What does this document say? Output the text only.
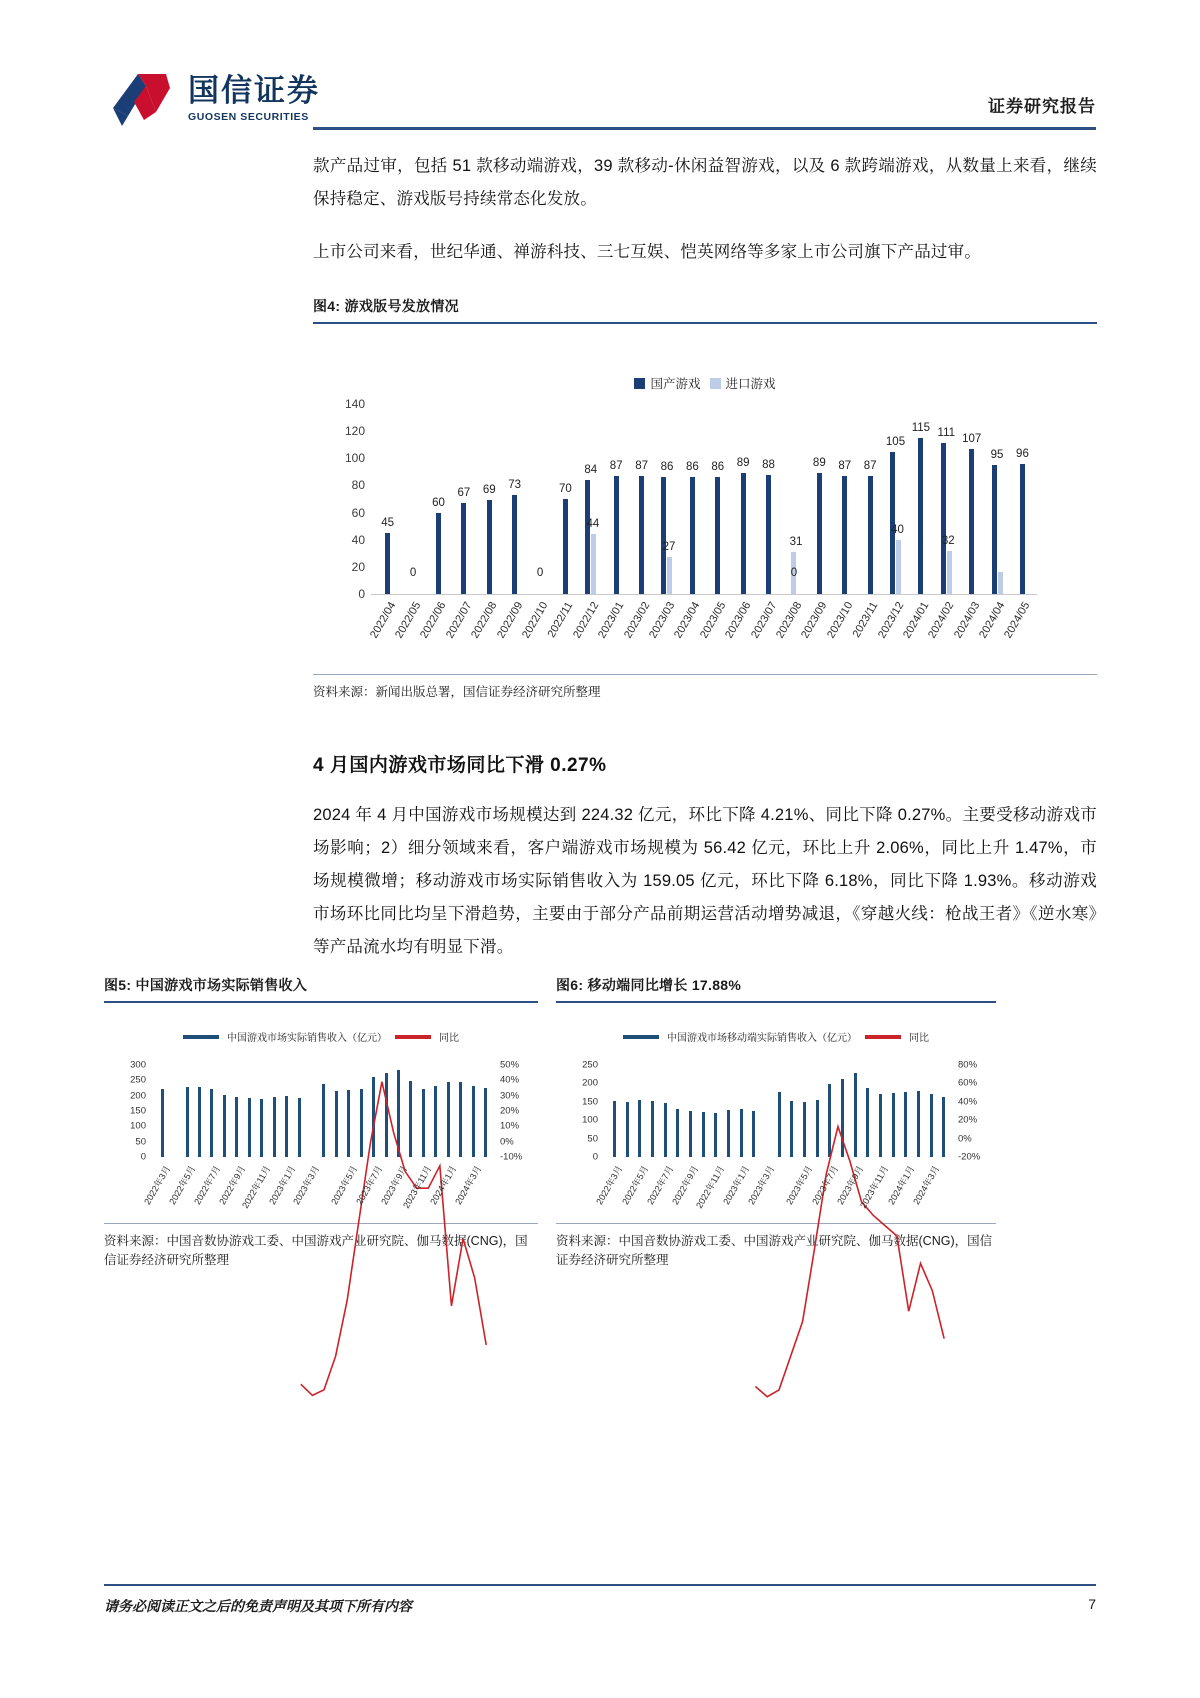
国信证券
GUOSEN SECURITIES
证券研究报告

款产品过审，包括 51 款移动端游戏，39 款移动-休闲益智游戏，以及 6 款跨端游戏，从数量上来看，继续保持稳定、游戏版号持续常态化发放。

上市公司来看，世纪华通、禅游科技、三七互娱、恺英网络等多家上市公司旗下产品过审。

图4: 游戏版号发放情况
国产游戏 进口游戏
0
20
40
60
80
100
120
140
45
0
60
67 69 73
0
70
84
44
87 87 86
27
86 86 89 88
0
31
89 87 87
105
40
115 111
32
107
95 96
2022/04
2022/05
2022/06
2022/07
2022/08
2022/09
2022/10
2022/11
2022/12
2023/01
2023/02
2023/03
2023/04
2023/05
2023/06
2023/07
2023/08
2023/09
2023/10
2023/11
2023/12
2024/01
2024/02
2024/03
2024/04
2024/05
资料来源：新闻出版总署，国信证券经济研究所整理
4 月国内游戏市场同比下滑 0.27%

2024 年 4 月中国游戏市场规模达到 224.32 亿元，环比下降 4.21%、同比下降 0.27%。主要受移动游戏市场影响；2）细分领域来看，客户端游戏市场规模为 56.42 亿元，环比上升 2.06%，同比上升 1.47%，市场规模微增；移动游戏市场实际销售收入为 159.05 亿元，环比下降 6.18%，同比下降 1.93%。移动游戏市场环比同比均呈下滑趋势，主要由于部分产品前期运营活动增势减退，《穿越火线：枪战王者》《逆水寒》等产品流水均有明显下滑。

图5: 中国游戏市场实际销售收入
中国游戏市场实际销售收入（亿元）	同比
300
250
200
150
100
50
0	-10%
0%
10%
20%
30%
40%
50%
2022年3月
2022年5月
2022年7月
2022年9月
2022年11月
2023年1月
2023年3月 2023年5月
2023年7月
2023年9月
2023年11月
2024年1月
2024年3月
资料来源：中国音数协游戏工委、中国游戏产业研究院、伽马数据(CNG)，国信证券经济研究所整理
图6: 移动端同比增长 17.88%
中国游戏市场移动端实际销售收入（亿元）	同比
250
200
150
100
50
0	-20%
0%
20%
40%
60%
80%
2022年3月
2022年5月
2022年7月
2022年9月
2022年11月
2023年1月
2023年3月 2023年5月
2023年7月
2023年9月
2023年11月
2024年1月
2024年3月
资料来源：中国音数协游戏工委、中国游戏产业研究院、伽马数据(CNG)，国信证券经济研究所整理
请务必阅读正文之后的免责声明及其项下所有内容	7
